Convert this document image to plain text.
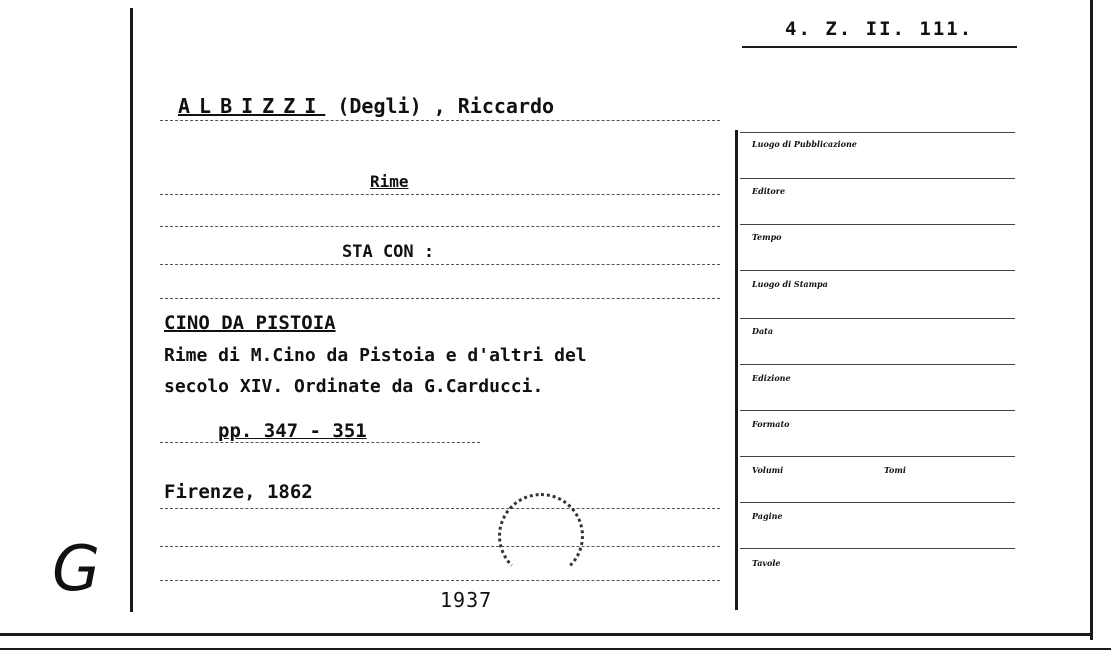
4. Z. II. 111.
ALBIZZI (Degli) , Riccardo
Rime
STA CON :
CINO DA PISTOIA
Rime di M.Cino da Pistoia e d'altri del
secolo XIV. Ordinate da G.Carducci.
pp. 347 - 351
Firenze, 1862
1937
G
Luogo di Pubblicazione
Editore
Tempo
Luogo di Stampa
Data
Edizione
Formato
Volumi	Tomi
Pagine
Tavole
